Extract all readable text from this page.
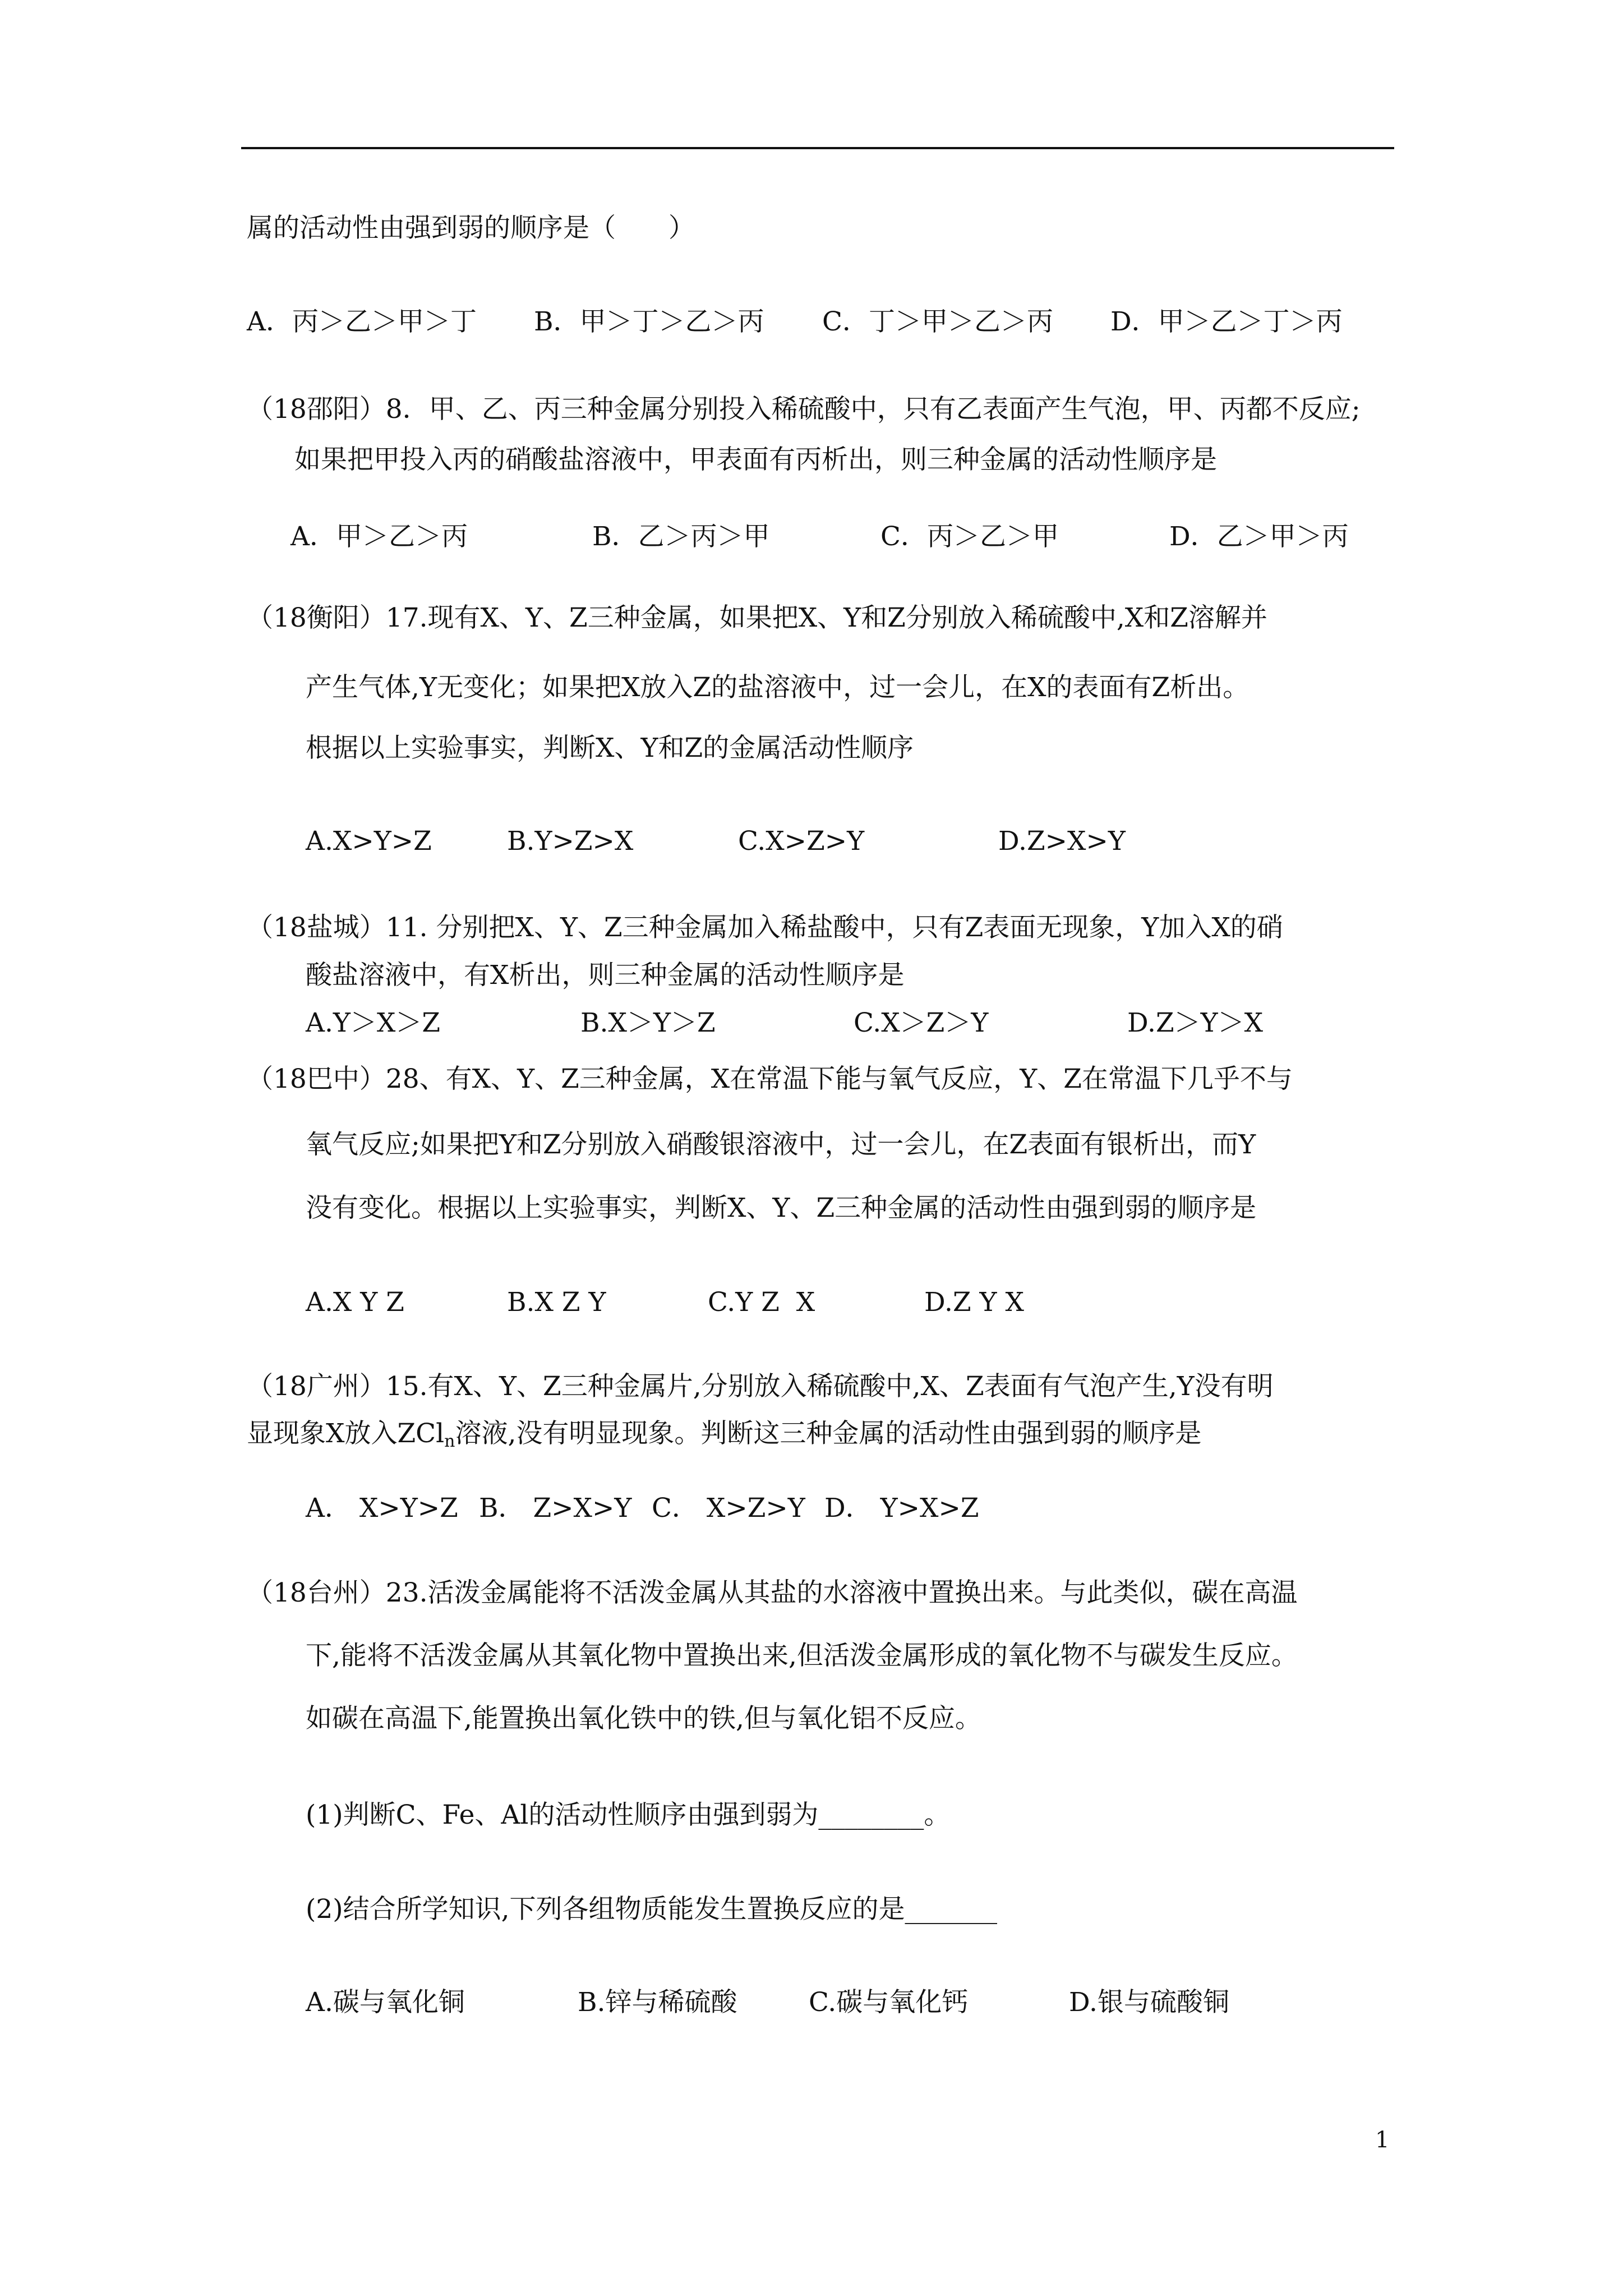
属的活动性由强到弱的顺序是（　　）
A．丙＞乙＞甲＞丁 B．甲＞丁＞乙＞丙 C．丁＞甲＞乙＞丙 D．甲＞乙＞丁＞丙
（18邵阳）8．甲、乙、丙三种金属分别投入稀硫酸中，只有乙表面产生气泡，甲、丙都不反应;
如果把甲投入丙的硝酸盐溶液中，甲表面有丙析出，则三种金属的活动性顺序是
A．甲＞乙＞丙	B．乙＞丙＞甲	C．丙＞乙＞甲	D．乙＞甲＞丙
（18衡阳）17.现有X、Y、Z三种金属，如果把X、Y和Z分别放入稀硫酸中,X和Z溶解并
产生气体,Y无变化；如果把X放入Z的盐溶液中，过一会儿，在X的表面有Z析出。
根据以上实验事实，判断X、Y和Z的金属活动性顺序
A.X>Y>Z	B.Y>Z>X	C.X>Z>Y	D.Z>X>Y
（18盐城）11. 分别把X、Y、Z三种金属加入稀盐酸中，只有Z表面无现象，Y加入X的硝
酸盐溶液中，有X析出，则三种金属的活动性顺序是
A.Y＞X＞Z	B.X＞Y＞Z	C.X＞Z＞Y	D.Z＞Y＞X
（18巴中）28、有X、Y、Z三种金属，X在常温下能与氧气反应，Y、Z在常温下几乎不与
氧气反应;如果把Y和Z分别放入硝酸银溶液中，过一会儿，在Z表面有银析出，而Y
没有变化。根据以上实验事实，判断X、Y、Z三种金属的活动性由强到弱的顺序是
A.X Y Z	B.X Z Y	C.Y Z  X	D.Z Y X
（18广州）15.有X、Y、Z三种金属片,分别放入稀硫酸中,X、Z表面有气泡产生,Y没有明
显现象X放入ZCl$_n$溶液,没有明显现象。判断这三种金属的活动性由强到弱的顺序是
A． X>Y>Z B． Z>X>Y C． X>Z>Y D． Y>X>Z
（18台州）23.活泼金属能将不活泼金属从其盐的水溶液中置换出来。与此类似，碳在高温
下,能将不活泼金属从其氧化物中置换出来,但活泼金属形成的氧化物不与碳发生反应。
如碳在高温下,能置换出氧化铁中的铁,但与氧化铝不反应。
(1)判断C、Fe、Al的活动性顺序由强到弱为________。
(2)结合所学知识,下列各组物质能发生置换反应的是_______
A.碳与氧化铜	B.锌与稀硫酸	C.碳与氧化钙	D.银与硫酸铜
1
